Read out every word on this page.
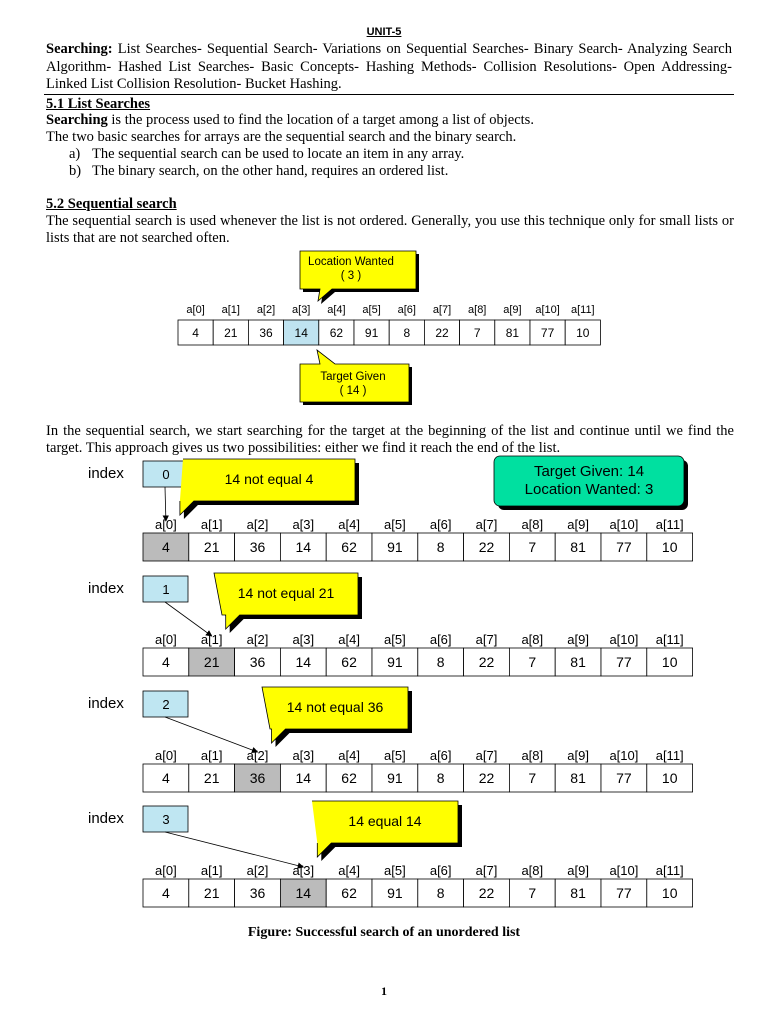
UNIT-5
Searching: List Searches- Sequential Search- Variations on Sequential Searches- Binary Search- Analyzing Search Algorithm- Hashed List Searches- Basic Concepts- Hashing Methods- Collision Resolutions- Open Addressing- Linked List Collision Resolution- Bucket Hashing.
5.1 List Searches
Searching is the process used to find the location of a target among a list of objects.
The two basic searches for arrays are the sequential search and the binary search.
a) The sequential search can be used to locate an item in any array.
b) The binary search, on the other hand, requires an ordered list.
5.2 Sequential search
The sequential search is used whenever the list is not ordered. Generally, you use this technique only for small lists or lists that are not searched often.
In the sequential search, we start searching for the target at the beginning of the list and continue until we find the target. This approach gives us two possibilities: either we find it reach the end of the list.
a[0] a[1] a[2] a[3] a[4] a[5] a[6] a[7] a[8] a[9] a[10] a[11]
4 21 36 14 62 91 8 22 7 81 77 10
Location Wanted
( 3 )
Target Given
( 14 )
Target Given: 14
Location Wanted: 3
index	0	14 not equal 4
a[0] a[1] a[2] a[3] a[4] a[5] a[6] a[7] a[8] a[9] a[10] a[11]
4 21 36 14 62 91 8 22 7 81 77 10
index	1	14 not equal 21
a[0] a[1] a[2] a[3] a[4] a[5] a[6] a[7] a[8] a[9] a[10] a[11]
4 21 36 14 62 91 8 22 7 81 77 10
index	2	14 not equal 36
a[0] a[1] a[2] a[3] a[4] a[5] a[6] a[7] a[8] a[9] a[10] a[11]
4 21 36 14 62 91 8 22 7 81 77 10
index	3	14 equal 14
a[0] a[1] a[2] a[3] a[4] a[5] a[6] a[7] a[8] a[9] a[10] a[11]
4 21 36 14 62 91 8 22 7 81 77 10
Figure: Successful search of an unordered list
1
